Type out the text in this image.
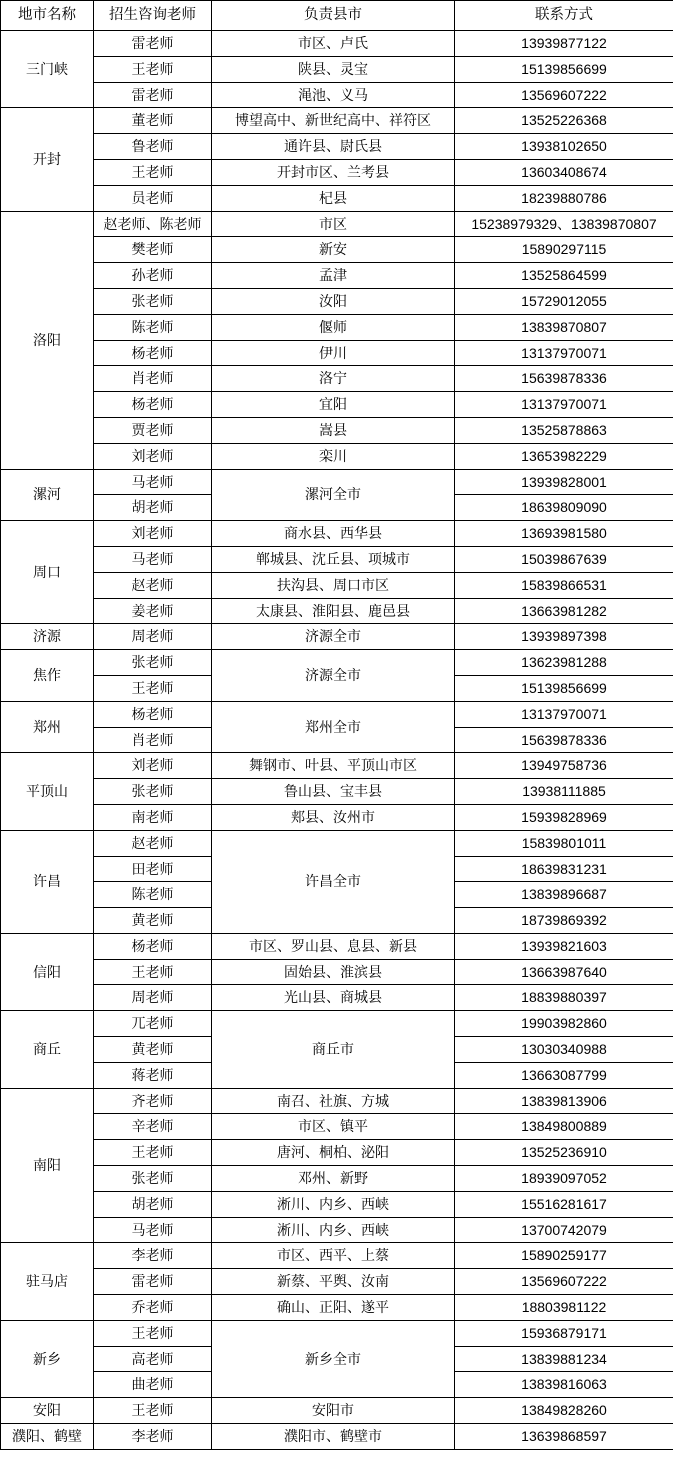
地市名称	招生咨询老师	负责县市	联系方式
三门峡	雷老师	市区、卢氏	13939877122
	王老师	陕县、灵宝	15139856699
	雷老师	渑池、义马	13569607222
开封	董老师	博望高中、新世纪高中、祥符区	13525226368
	鲁老师	通许县、尉氏县	13938102650
	王老师	开封市区、兰考县	13603408674
	员老师	杞县	18239880786
洛阳	赵老师、陈老师	市区	15238979329、13839870807
	樊老师	新安	15890297115
	孙老师	孟津	13525864599
	张老师	汝阳	15729012055
	陈老师	偃师	13839870807
	杨老师	伊川	13137970071
	肖老师	洛宁	15639878336
	杨老师	宜阳	13137970071
	贾老师	嵩县	13525878863
	刘老师	栾川	13653982229
漯河	马老师	漯河全市	13939828001
	胡老师		18639809090
周口	刘老师	商水县、西华县	13693981580
	马老师	郸城县、沈丘县、项城市	15039867639
	赵老师	扶沟县、周口市区	15839866531
	姜老师	太康县、淮阳县、鹿邑县	13663981282
济源	周老师	济源全市	13939897398
焦作	张老师	济源全市	13623981288
	王老师		15139856699
郑州	杨老师	郑州全市	13137970071
	肖老师		15639878336
平顶山	刘老师	舞钢市、叶县、平顶山市区	13949758736
	张老师	鲁山县、宝丰县	13938111885
	南老师	郏县、汝州市	15939828969
许昌	赵老师	许昌全市	15839801011
	田老师		18639831231
	陈老师		13839896687
	黄老师		18739869392
信阳	杨老师	市区、罗山县、息县、新县	13939821603
	王老师	固始县、淮滨县	13663987640
	周老师	光山县、商城县	18839880397
商丘	兀老师	商丘市	19903982860
	黄老师		13030340988
	蒋老师		13663087799
南阳	齐老师	南召、社旗、方城	13839813906
	辛老师	市区、镇平	13849800889
	王老师	唐河、桐柏、泌阳	13525236910
	张老师	邓州、新野	18939097052
	胡老师	淅川、内乡、西峡	15516281617
	马老师	淅川、内乡、西峡	13700742079
驻马店	李老师	市区、西平、上蔡	15890259177
	雷老师	新蔡、平舆、汝南	13569607222
	乔老师	确山、正阳、遂平	18803981122
新乡	王老师	新乡全市	15936879171
	高老师		13839881234
	曲老师		13839816063
安阳	王老师	安阳市	13849828260
濮阳、鹤壁	李老师	濮阳市、鹤壁市	13639868597
